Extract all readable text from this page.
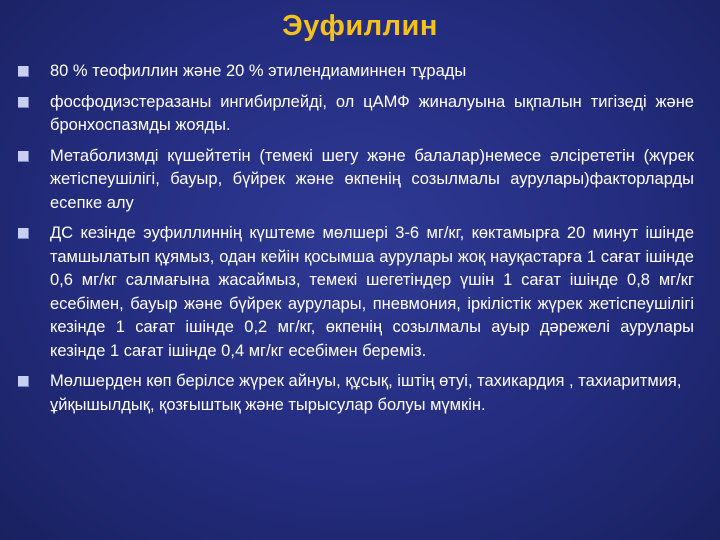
Эуфиллин
80 % теофиллин және 20 % этилендиаминнен тұрады
фосфодиэстеразаны ингибирлейді, ол цАМФ жиналуына ықпалын тигізеді және бронхоспазмды жояды.
Метаболизмді күшейтетін (темекі шегу және балалар)немесе әлсірететін (жүрек жетіспеушілігі, бауыр, бүйрек және өкпенің созылмалы аурулары)факторларды есепке алу
ДС кезінде эуфиллиннің күштеме мөлшері 3-6 мг/кг, көктамырға 20 минут ішінде тамшылатып құямыз, одан кейін қосымша аурулары жоқ науқастарға 1 сағат ішінде 0,6 мг/кг салмағына жасаймыз, темекі шегетіндер үшін 1 сағат ішінде 0,8 мг/кг есебімен, бауыр және бүйрек аурулары, пневмония, іркілістік жүрек жетіспеушілігі кезінде 1 сағат ішінде 0,2 мг/кг, өкпенің созылмалы ауыр дәрежелі аурулары кезінде 1 сағат ішінде 0,4 мг/кг есебімен береміз.
Мөлшерден көп берілсе жүрек айнуы, құсық, іштің өтуі, тахикардия , тахиаритмия, ұйқышылдық, қозғыштық және тырысулар болуы мүмкін.
